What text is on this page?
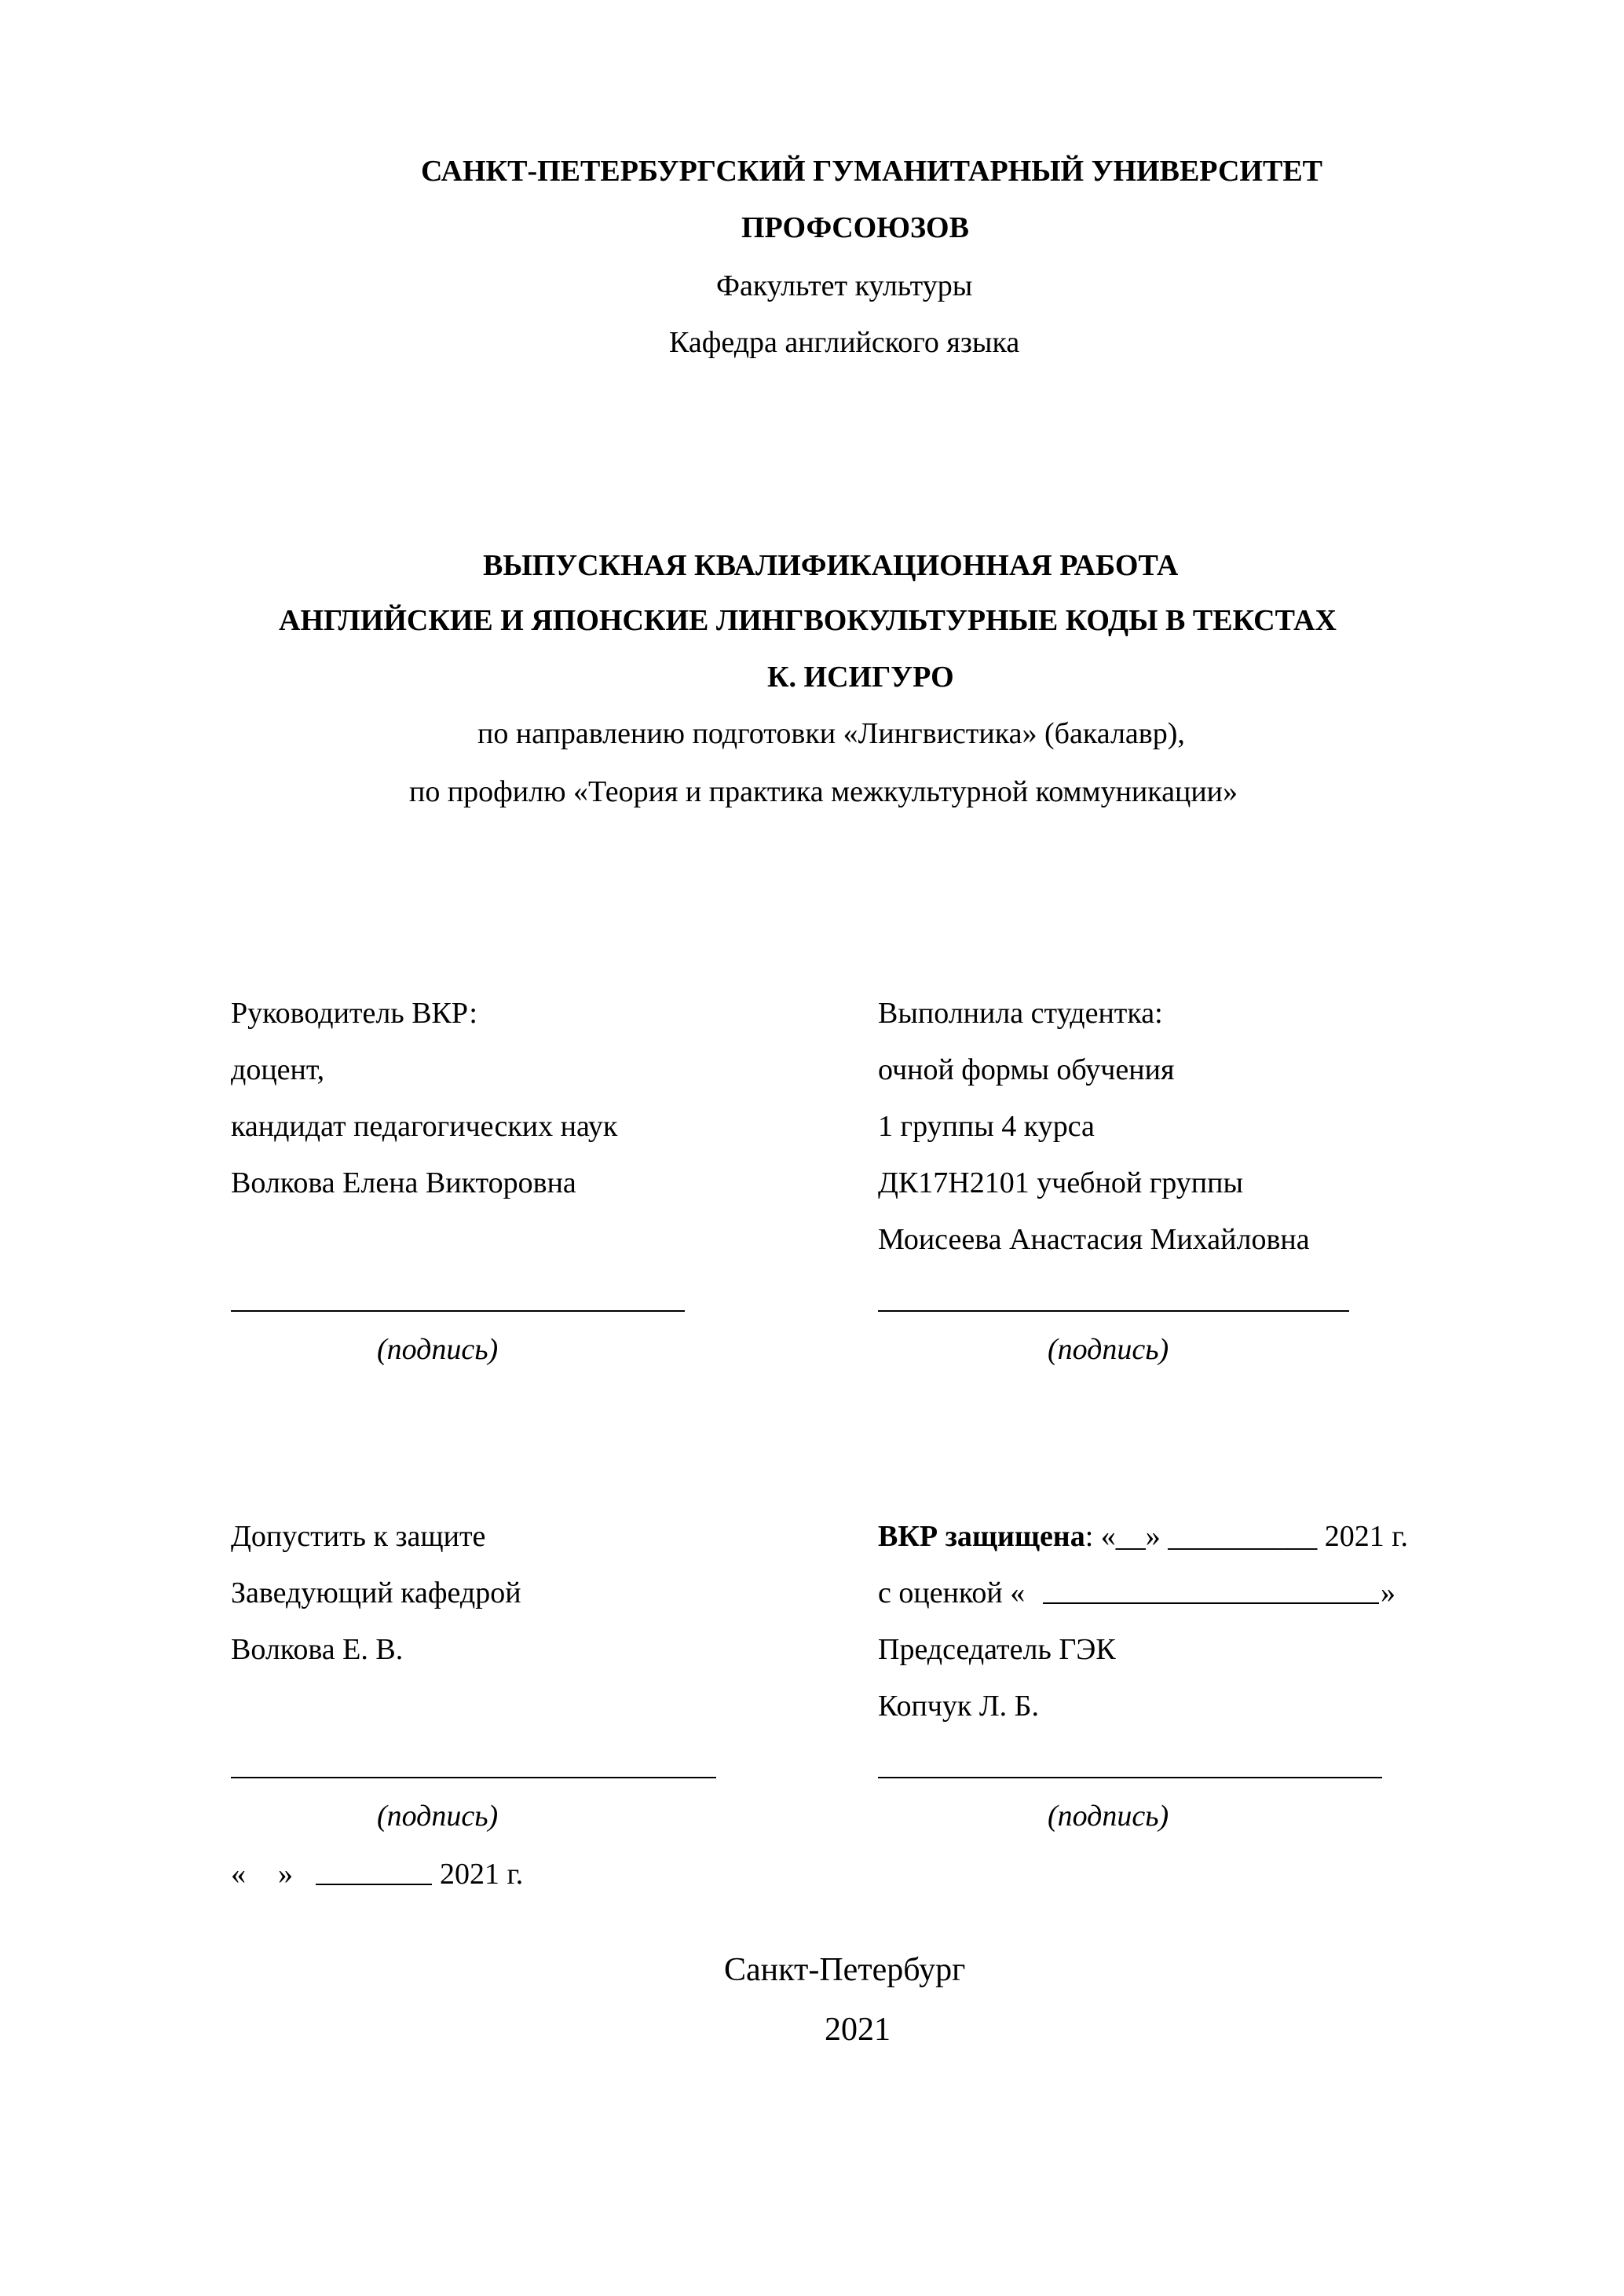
САНКТ-ПЕТЕРБУРГСКИЙ ГУМАНИТАРНЫЙ УНИВЕРСИТЕТ
ПРОФСОЮЗОВ
Факультет культуры
Кафедра английского языка
ВЫПУСКНАЯ КВАЛИФИКАЦИОННАЯ РАБОТА
АНГЛИЙСКИЕ И ЯПОНСКИЕ ЛИНГВОКУЛЬТУРНЫЕ КОДЫ В ТЕКСТАХ
К. ИСИГУРО
по направлению подготовки «Лингвистика» (бакалавр),
по профилю «Теория и практика межкультурной коммуникации»
Руководитель ВКР:
доцент,
кандидат педагогических наук
Волкова Елена Викторовна
(подпись)
Выполнила студентка:
очной формы обучения
1 группы 4 курса
ДК17Н2101 учебной группы
Моисеева Анастасия Михайловна
(подпись)
Допустить к защите
Заведующий кафедрой
Волкова Е. В.
(подпись)
« »	2021 г.
ВКР защищена: «__» __________ 2021 г.
с оценкой «	»
Председатель ГЭК
Копчук Л. Б.
(подпись)
Санкт-Петербург
2021
